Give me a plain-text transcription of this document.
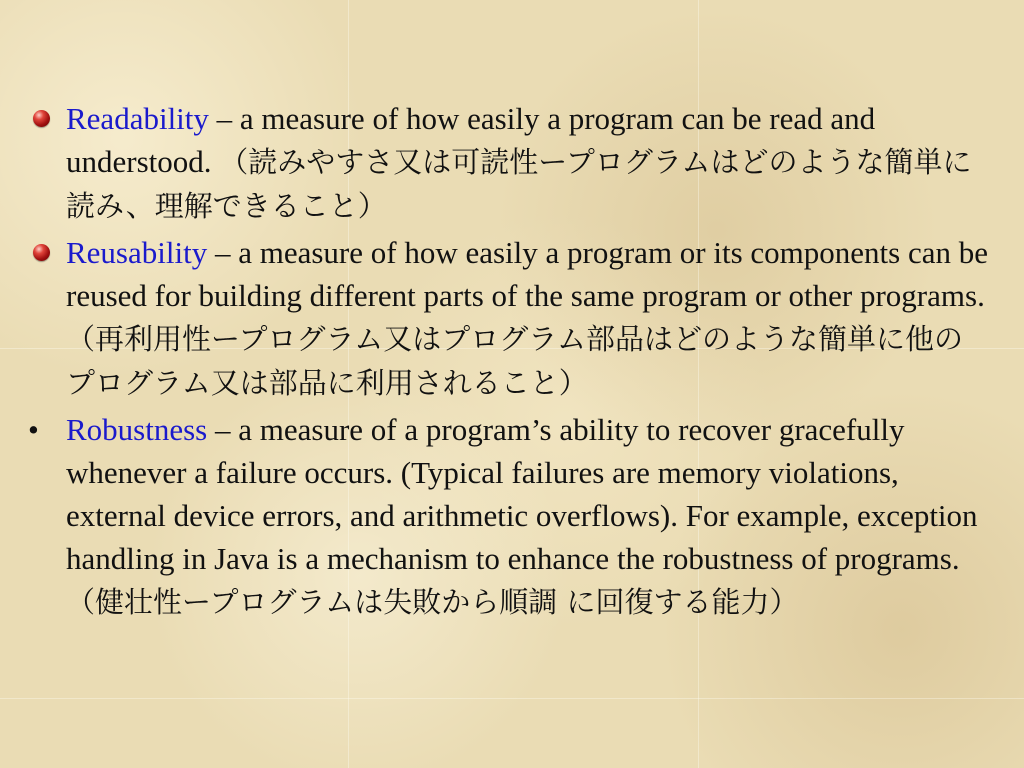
Readability – a measure of how easily a program can be read and understood. （読みやすさ又は可読性ープログラムはどのような簡単に読み、理解できること）
Reusability – a measure of how easily a program or its components can be reused for building different parts of the same program or other programs. （再利用性ープログラム又はプログラム部品はどのような簡単に他のプログラム又は部品に利用されること）
• Robustness – a measure of a program’s ability to recover gracefully whenever a failure occurs. (Typical failures are memory violations, external device errors, and arithmetic overflows). For example, exception handling in Java is a mechanism to enhance the robustness of programs.（健壮性ープログラムは失敗から順調 に回復する能力）
